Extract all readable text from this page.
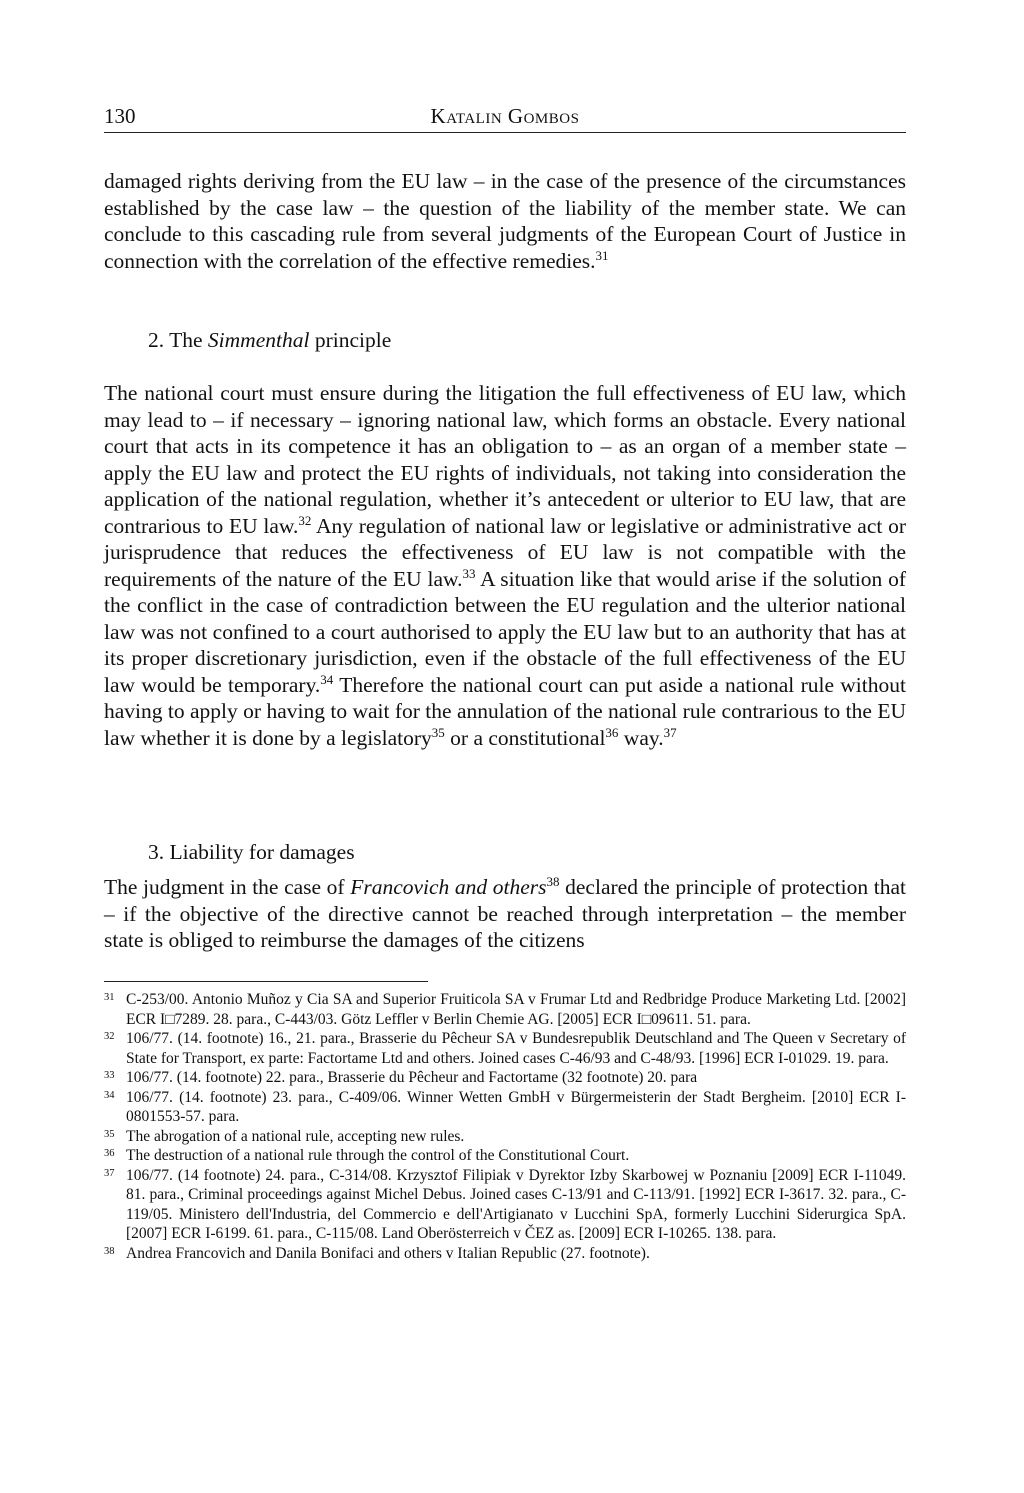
130	Katalin Gombos
damaged rights deriving from the EU law – in the case of the presence of the circumstances established by the case law – the question of the liability of the member state. We can conclude to this cascading rule from several judgments of the European Court of Justice in connection with the correlation of the effective remedies.$^{31}$
2. The Simmenthal principle
The national court must ensure during the litigation the full effectiveness of EU law, which may lead to – if necessary – ignoring national law, which forms an obstacle. Every national court that acts in its competence it has an obligation to – as an organ of a member state – apply the EU law and protect the EU rights of individuals, not taking into consideration the application of the national regulation, whether it’s antecedent or ulterior to EU law, that are contrarious to EU law.$^{32}$ Any regulation of national law or legislative or administrative act or jurisprudence that reduces the effectiveness of EU law is not compatible with the requirements of the nature of the EU law.$^{33}$ A situation like that would arise if the solution of the conflict in the case of contradiction between the EU regulation and the ulterior national law was not confined to a court authorised to apply the EU law but to an authority that has at its proper discretionary jurisdiction, even if the obstacle of the full effectiveness of the EU law would be temporary.$^{34}$ Therefore the national court can put aside a national rule without having to apply or having to wait for the annulation of the national rule contrarious to the EU law whether it is done by a legislatory$^{35}$ or a constitutional$^{36}$ way.$^{37}$
3. Liability for damages
The judgment in the case of Francovich and others$^{38}$ declared the principle of protection that – if the objective of the directive cannot be reached through interpretation – the member state is obliged to reimburse the damages of the citizens
31 C-253/00. Antonio Muñoz y Cia SA and Superior Fruiticola SA v Frumar Ltd and Redbridge Produce Marketing Ltd. [2002] ECR I□7289. 28. para., C-443/03. Götz Leffler v Berlin Chemie AG. [2005] ECR I□09611. 51. para.
32 106/77. (14. footnote) 16., 21. para., Brasserie du Pêcheur SA v Bundesrepublik Deutschland and The Queen v Secretary of State for Transport, ex parte: Factortame Ltd and others. Joined cases C-46/93 and C-48/93. [1996] ECR I-01029. 19. para.
33 106/77. (14. footnote) 22. para., Brasserie du Pêcheur and Factortame (32 footnote) 20. para
34 106/77. (14. footnote) 23. para., C-409/06. Winner Wetten GmbH v Bürgermeisterin der Stadt Bergheim. [2010] ECR I-0801553-57. para.
35 The abrogation of a national rule, accepting new rules.
36 The destruction of a national rule through the control of the Constitutional Court.
37 106/77. (14 footnote) 24. para., C-314/08. Krzysztof Filipiak v Dyrektor Izby Skarbowej w Poznaniu [2009] ECR I-11049. 81. para., Criminal proceedings against Michel Debus. Joined cases C-13/91 and C-113/91. [1992] ECR I-3617. 32. para., C-119/05. Ministero dell'Industria, del Commercio e dell'Artigianato v Lucchini SpA, formerly Lucchini Siderurgica SpA. [2007] ECR I-6199. 61. para., C-115/08. Land Oberösterreich v ČEZ as. [2009] ECR I-10265. 138. para.
38 Andrea Francovich and Danila Bonifaci and others v Italian Republic (27. footnote).
